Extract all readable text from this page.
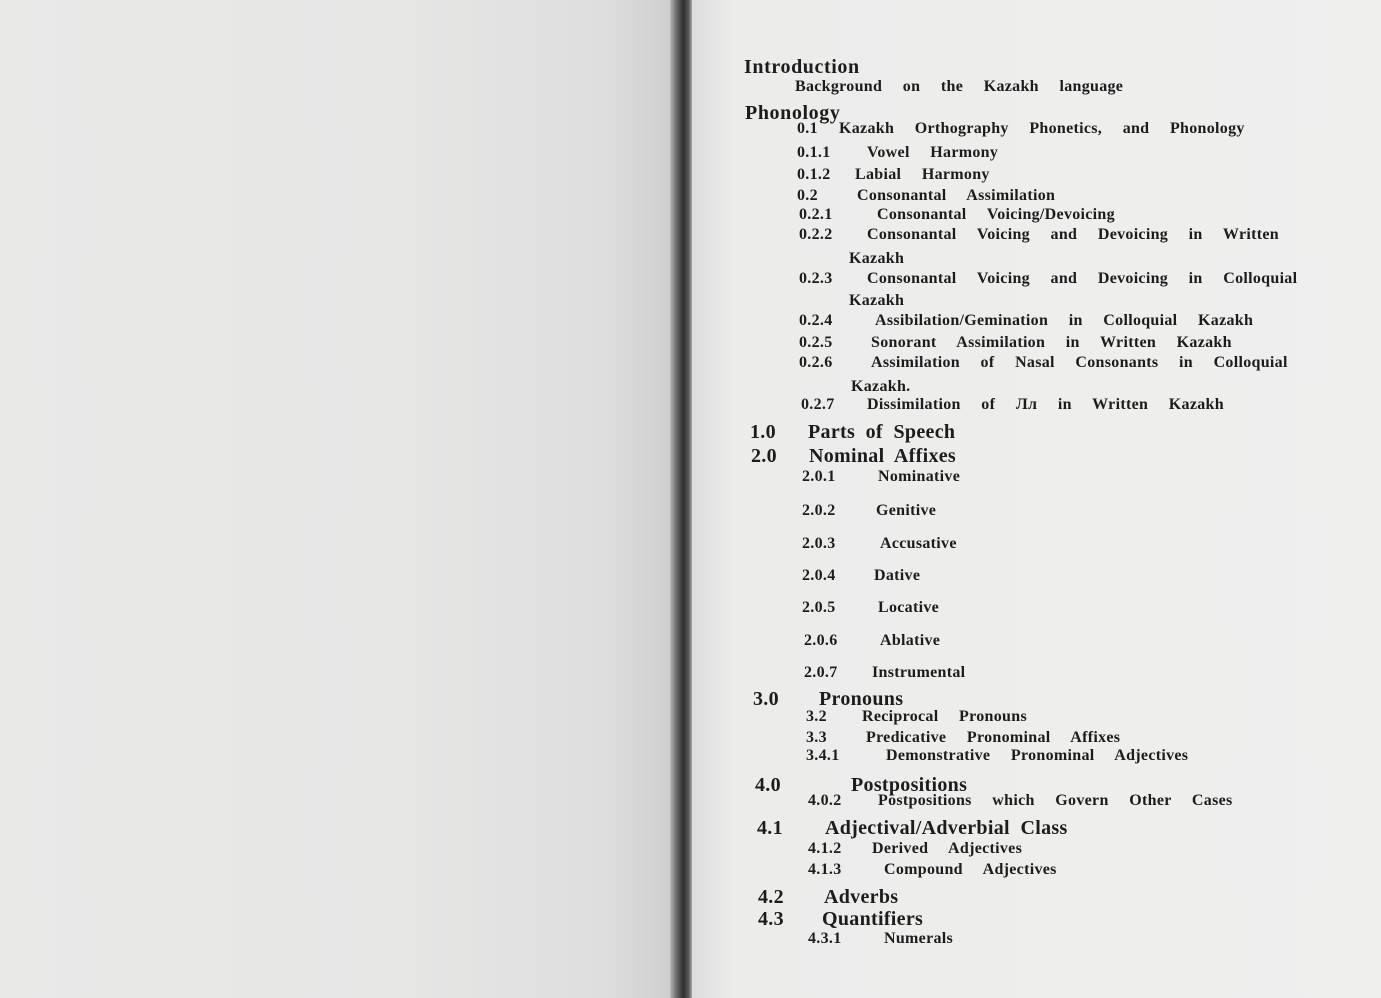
Introduction
Background  on  the  Kazakh  language
Phonology
0.1 Kazakh  Orthography  Phonetics,  and  Phonology
0.1.1 Vowel  Harmony
0.1.2 Labial  Harmony
0.2 Consonantal  Assimilation
0.2.1	Consonantal  Voicing/Devoicing
0.2.2 Consonantal  Voicing  and  Devoicing  in  Written
Kazakh
0.2.3 Consonantal  Voicing  and  Devoicing  in  Colloquial
Kazakh
0.2.4	Assibilation/Gemination  in  Colloquial  Kazakh
0.2.5 Sonorant  Assimilation  in  Written  Kazakh
0.2.6 Assimilation  of  Nasal  Consonants  in  Colloquial
Kazakh.
0.2.7 Dissimilation  of  Лл  in  Written  Kazakh
1.0 Parts  of  Speech
2.0 Nominal  Affixes
2.0.1	Nominative
2.0.2	Genitive
2.0.3	Accusative
2.0.4 Dative
2.0.5	Locative
2.0.6	Ablative
2.0.7 Instrumental
3.0 Pronouns
3.2 Reciprocal  Pronouns
3.3 Predicative  Pronominal  Affixes
3.4.1	Demonstrative  Pronominal  Adjectives
4.0	Postpositions
4.0.2 Postpositions  which  Govern  Other  Cases
4.1 Adjectival/Adverbial  Class
4.1.2 Derived  Adjectives
4.1.3	Compound  Adjectives
4.2 Adverbs
4.3 Quantifiers
4.3.1	Numerals
